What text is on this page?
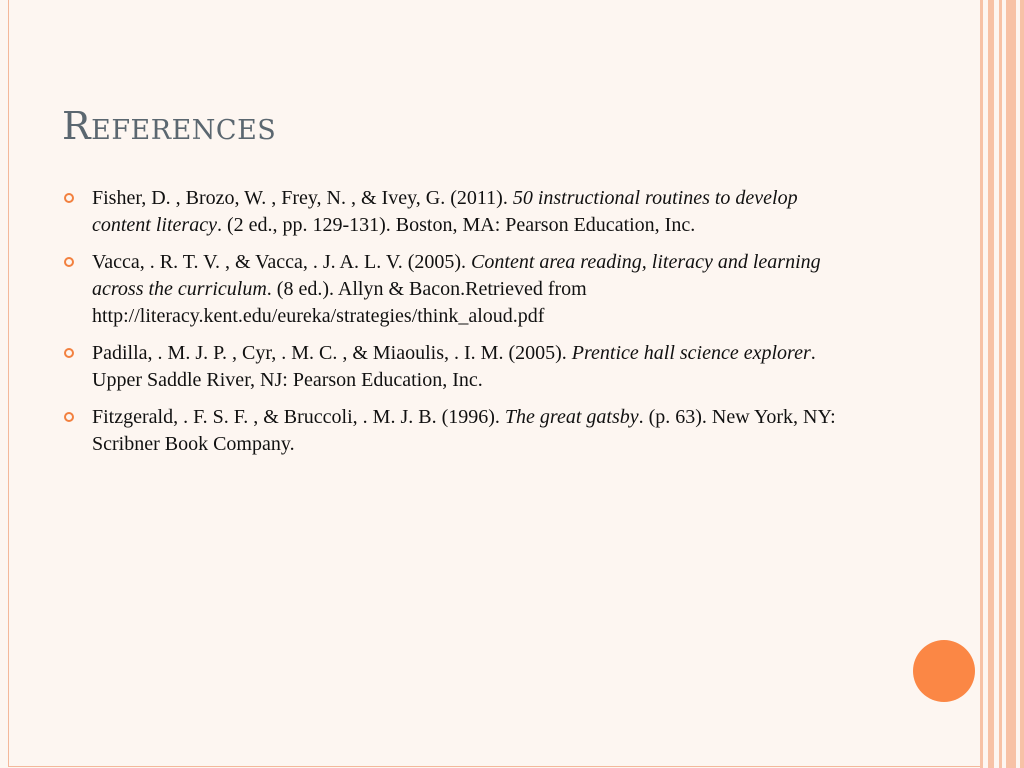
References
Fisher, D. , Brozo, W. , Frey, N. , & Ivey, G. (2011). 50 instructional routines to develop content literacy. (2 ed., pp. 129-131). Boston, MA: Pearson Education, Inc.
Vacca, . R. T. V. , & Vacca, . J. A. L. V. (2005). Content area reading, literacy and learning across the curriculum. (8 ed.). Allyn & Bacon.Retrieved from http://literacy.kent.edu/eureka/strategies/think_aloud.pdf
Padilla, . M. J. P. , Cyr, . M. C. , & Miaoulis, . I. M. (2005). Prentice hall science explorer. Upper Saddle River, NJ: Pearson Education, Inc.
Fitzgerald, . F. S. F. , & Bruccoli, . M. J. B. (1996). The great gatsby. (p. 63). New York, NY: Scribner Book Company.
